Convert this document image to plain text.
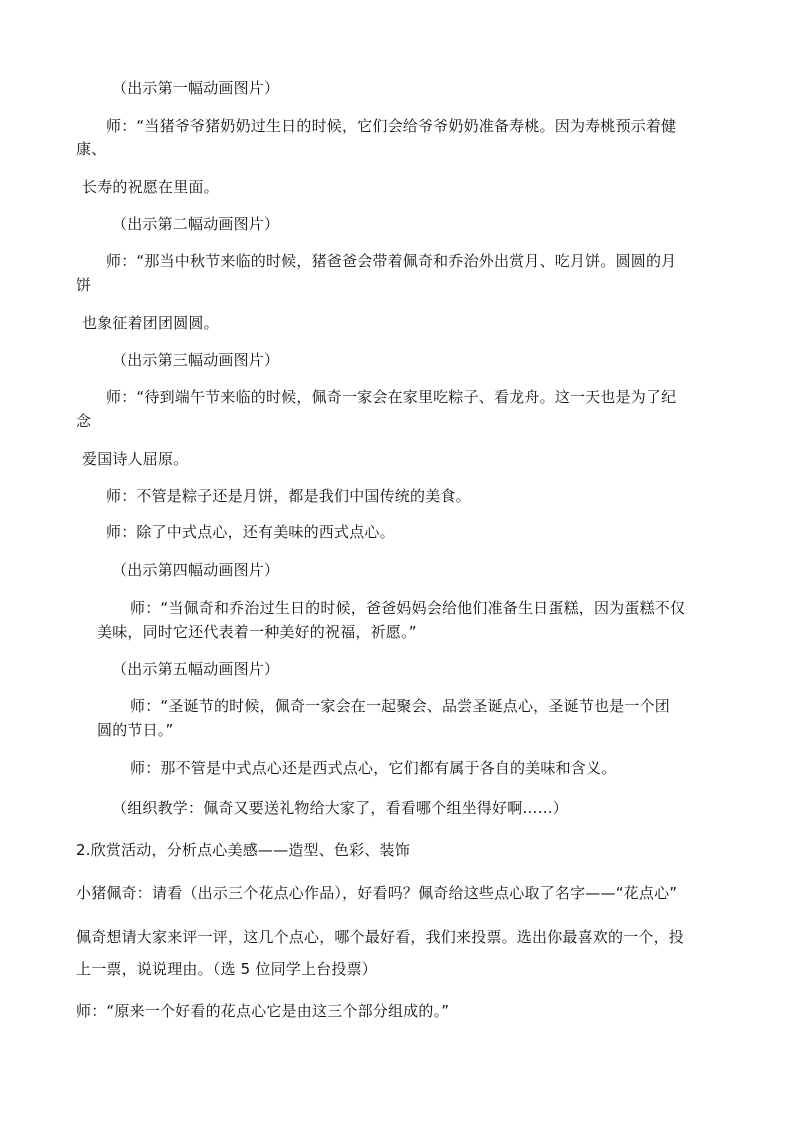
（出示第一幅动画图片）
师：“当猪爷爷猪奶奶过生日的时候，它们会给爷爷奶奶准备寿桃。因为寿桃预示着健
康、
长寿的祝愿在里面。
（出示第二幅动画图片）
师：“那当中秋节来临的时候，猪爸爸会带着佩奇和乔治外出赏月、吃月饼。圆圆的月
饼
也象征着团团圆圆。
（出示第三幅动画图片）
师：“待到端午节来临的时候，佩奇一家会在家里吃粽子、看龙舟。这一天也是为了纪
念
爱国诗人屈原。
师：不管是粽子还是月饼，都是我们中国传统的美食。
师：除了中式点心，还有美味的西式点心。
（出示第四幅动画图片）
师：“当佩奇和乔治过生日的时候，爸爸妈妈会给他们准备生日蛋糕，因为蛋糕不仅
美味，同时它还代表着一种美好的祝福，祈愿。”
（出示第五幅动画图片）
师：“圣诞节的时候，佩奇一家会在一起聚会、品尝圣诞点心，圣诞节也是一个团
圆的节日。”
师：那不管是中式点心还是西式点心，它们都有属于各自的美味和含义。
（组织教学：佩奇又要送礼物给大家了，看看哪个组坐得好啊……）
2.欣赏活动，分析点心美感——造型、色彩、装饰
小猪佩奇：请看（出示三个花点心作品），好看吗？佩奇给这些点心取了名字——“花点心”
佩奇想请大家来评一评，这几个点心，哪个最好看，我们来投票。选出你最喜欢的一个，投
上一票，说说理由。（选 5 位同学上台投票）
师：“原来一个好看的花点心它是由这三个部分组成的。”
